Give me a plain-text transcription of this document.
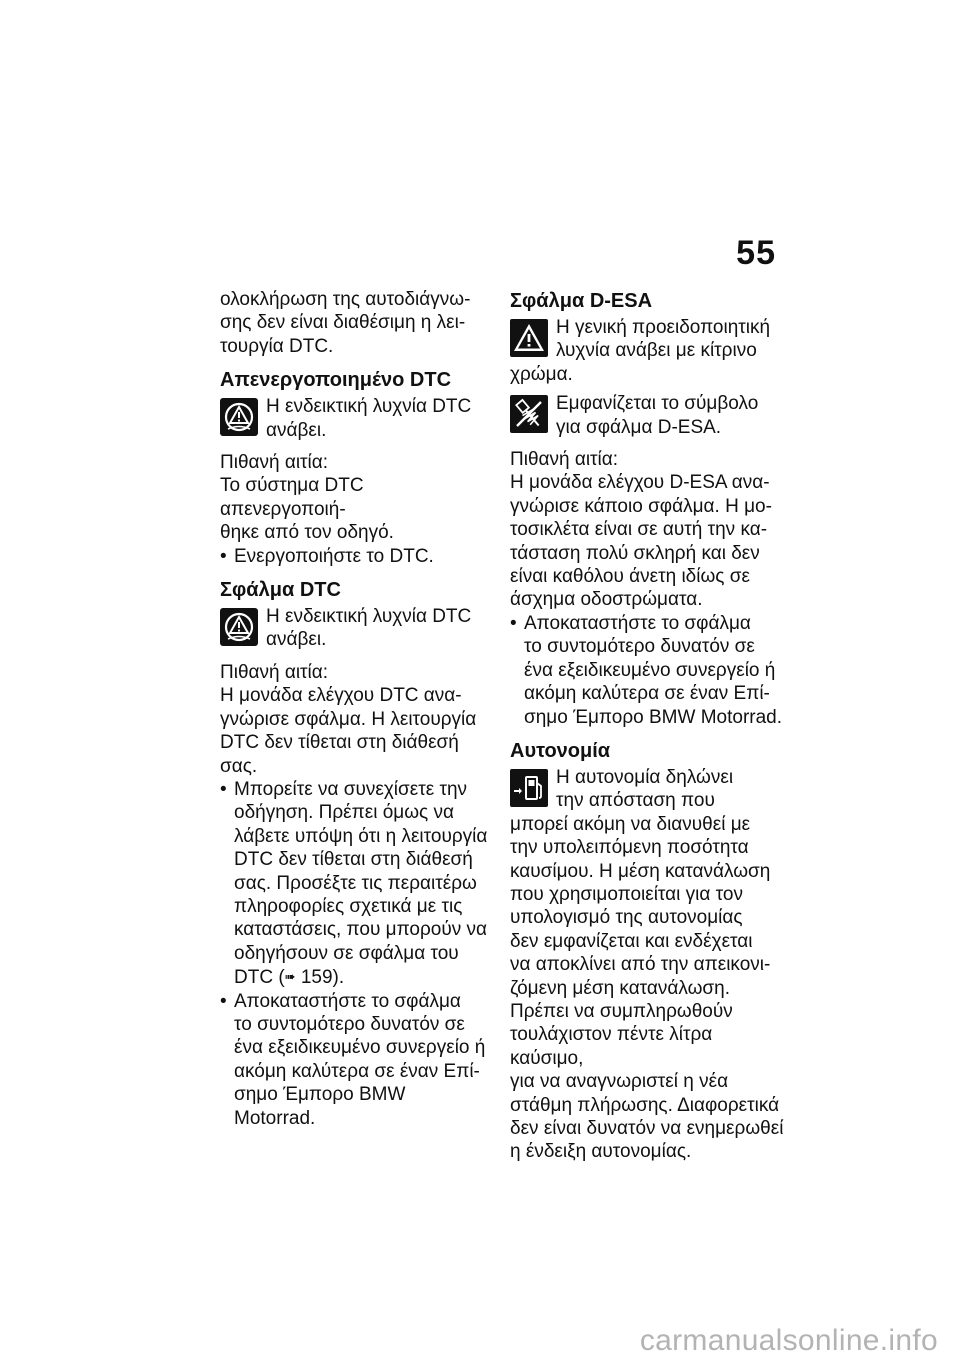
55

ολοκλήρωση της αυτοδιάγνω-

σης δεν είναι διαθέσιμη η λει-

τουργία DTC.

Απενεργοποιημένο DTC

Η ενδεικτική λυχνία DTC

ανάβει.

Πιθανή αιτία:

Το σύστημα DTC απενεργοποιή-

θηκε από τον οδηγό.

• Ενεργοποιήστε το DTC.
Σφάλμα DTC

Η ενδεικτική λυχνία DTC

ανάβει.

Πιθανή αιτία:

Η μονάδα ελέγχου DTC ανα-

γνώρισε σφάλμα. Η λειτουργία

DTC δεν τίθεται στη διάθεσή

σας.

• Μπορείτε να συνεχίσετε την

οδήγηση. Πρέπει όμως να

λάβετε υπόψη ότι η λειτουργία

DTC δεν τίθεται στη διάθεσή

σας. Προσέξτε τις περαιτέρω

πληροφορίες σχετικά με τις

καταστάσεις, που μπορούν να

οδηγήσουν σε σφάλμα του

DTC (➠ 159).

• Αποκαταστήστε το σφάλμα

το συντομότερο δυνατόν σε

ένα εξειδικευμένο συνεργείο ή

ακόμη καλύτερα σε έναν Επί-

σημο Έμπορο BMW Motorrad.

Σφάλμα D-ESA

Η γενική προειδοποιητική

λυχνία ανάβει με κίτρινο

χρώμα.

Εμφανίζεται το σύμβολο

για σφάλμα D-ESA.

Πιθανή αιτία:

Η μονάδα ελέγχου D-ESA ανα-

γνώρισε κάποιο σφάλμα. Η μο-

τοσικλέτα είναι σε αυτή την κα-

τάσταση πολύ σκληρή και δεν

είναι καθόλου άνετη ιδίως σε

άσχημα οδοστρώματα.

• Αποκαταστήστε το σφάλμα

το συντομότερο δυνατόν σε

ένα εξειδικευμένο συνεργείο ή

ακόμη καλύτερα σε έναν Επί-

σημο Έμπορο BMW Motorrad.

Αυτονομία

Η αυτονομία δηλώνει

την απόσταση που

μπορεί ακόμη να διανυθεί με

την υπολειπόμενη ποσότητα

καυσίμου. Η μέση κατανάλωση

που χρησιμοποιείται για τον

υπολογισμό της αυτονομίας

δεν εμφανίζεται και ενδέχεται

να αποκλίνει από την απεικονι-

ζόμενη μέση κατανάλωση.

Πρέπει να συμπληρωθούν

τουλάχιστον πέντε λίτρα καύσιμο,

για να αναγνωριστεί η νέα

στάθμη πλήρωσης. Διαφορετικά

δεν είναι δυνατόν να ενημερωθεί

η ένδειξη αυτονομίας.

carmanualsonline.info
